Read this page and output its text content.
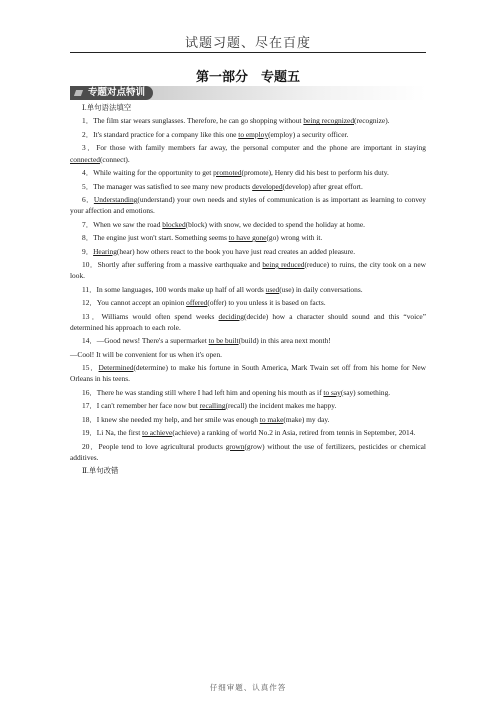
试题习题、尽在百度
第一部分　专题五
专题对点特训

Ⅰ.单句语法填空

1．The film star wears sunglasses. Therefore, he can go shopping without being recognized(recognize).

2．It's standard practice for a company like this one to employ(employ) a security officer.

3．For those with family members far away, the personal computer and the phone are important in staying connected(connect).

4．While waiting for the opportunity to get promoted(promote), Henry did his best to perform his duty.

5．The manager was satisfied to see many new products developed(develop) after great effort.

6．Understanding(understand) your own needs and styles of communication is as important as learning to convey your affection and emotions.

7．When we saw the road blocked(block) with snow, we decided to spend the holiday at home.

8．The engine just won't start. Something seems to have gone(go) wrong with it.

9．Hearing(hear) how others react to the book you have just read creates an added pleasure.

10．Shortly after suffering from a massive earthquake and being reduced(reduce) to ruins, the city took on a new look.

11．In some languages, 100 words make up half of all words used(use) in daily conversations.

12．You cannot accept an opinion offered(offer) to you unless it is based on facts.

13．Williams would often spend weeks deciding(decide) how a character should sound and this “voice” determined his approach to each role.

14．—Good news! There's a supermarket to be built(build) in this area next month!

—Cool! It will be convenient for us when it's open.

15．Determined(determine) to make his fortune in South America, Mark Twain set off from his home for New Orleans in his teens.

16．There he was standing still where I had left him and opening his mouth as if to say(say) something.

17．I can't remember her face now but recalling(recall) the incident makes me happy.

18．I knew she needed my help, and her smile was enough to make(make) my day.

19．Li Na, the first to achieve(achieve) a ranking of world No.2 in Asia, retired from tennis in September, 2014.

20．People tend to love agricultural products grown(grow) without the use of fertilizers, pesticides or chemical additives.

Ⅱ.单句改错

仔细审题、认真作答
